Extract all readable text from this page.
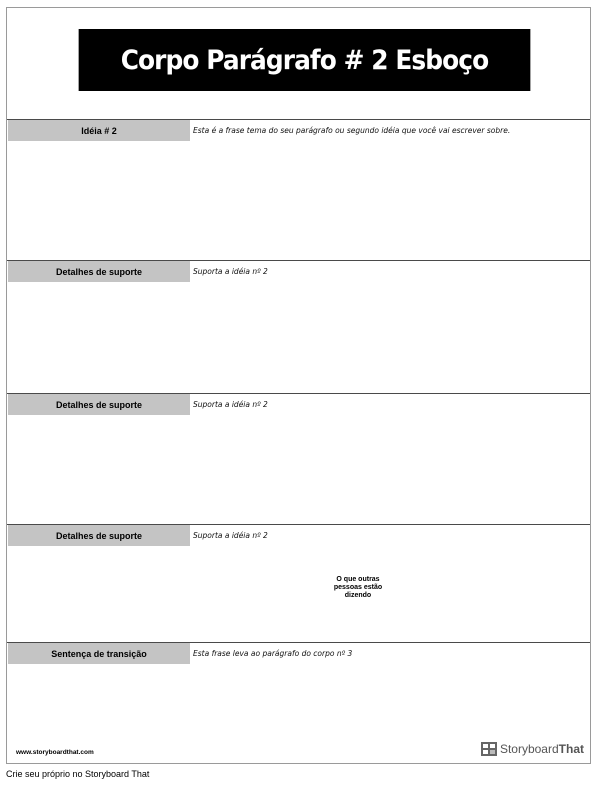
Corpo Parágrafo # 2 Esboço
Idéia # 2	Esta é a frase tema do seu parágrafo ou segundo idéia que você vai escrever sobre.
Detalhes de suporte	Suporta a idéia nº 2
Detalhes de suporte	Suporta a idéia nº 2
Detalhes de suporte	Suporta a idéia nº 2
Sentença de transição	Esta frase leva ao parágrafo do corpo nº 3
www.storyboardthat.com	StoryboardThat
O que outras pessoas estão dizendo
Crie seu próprio no Storyboard That
